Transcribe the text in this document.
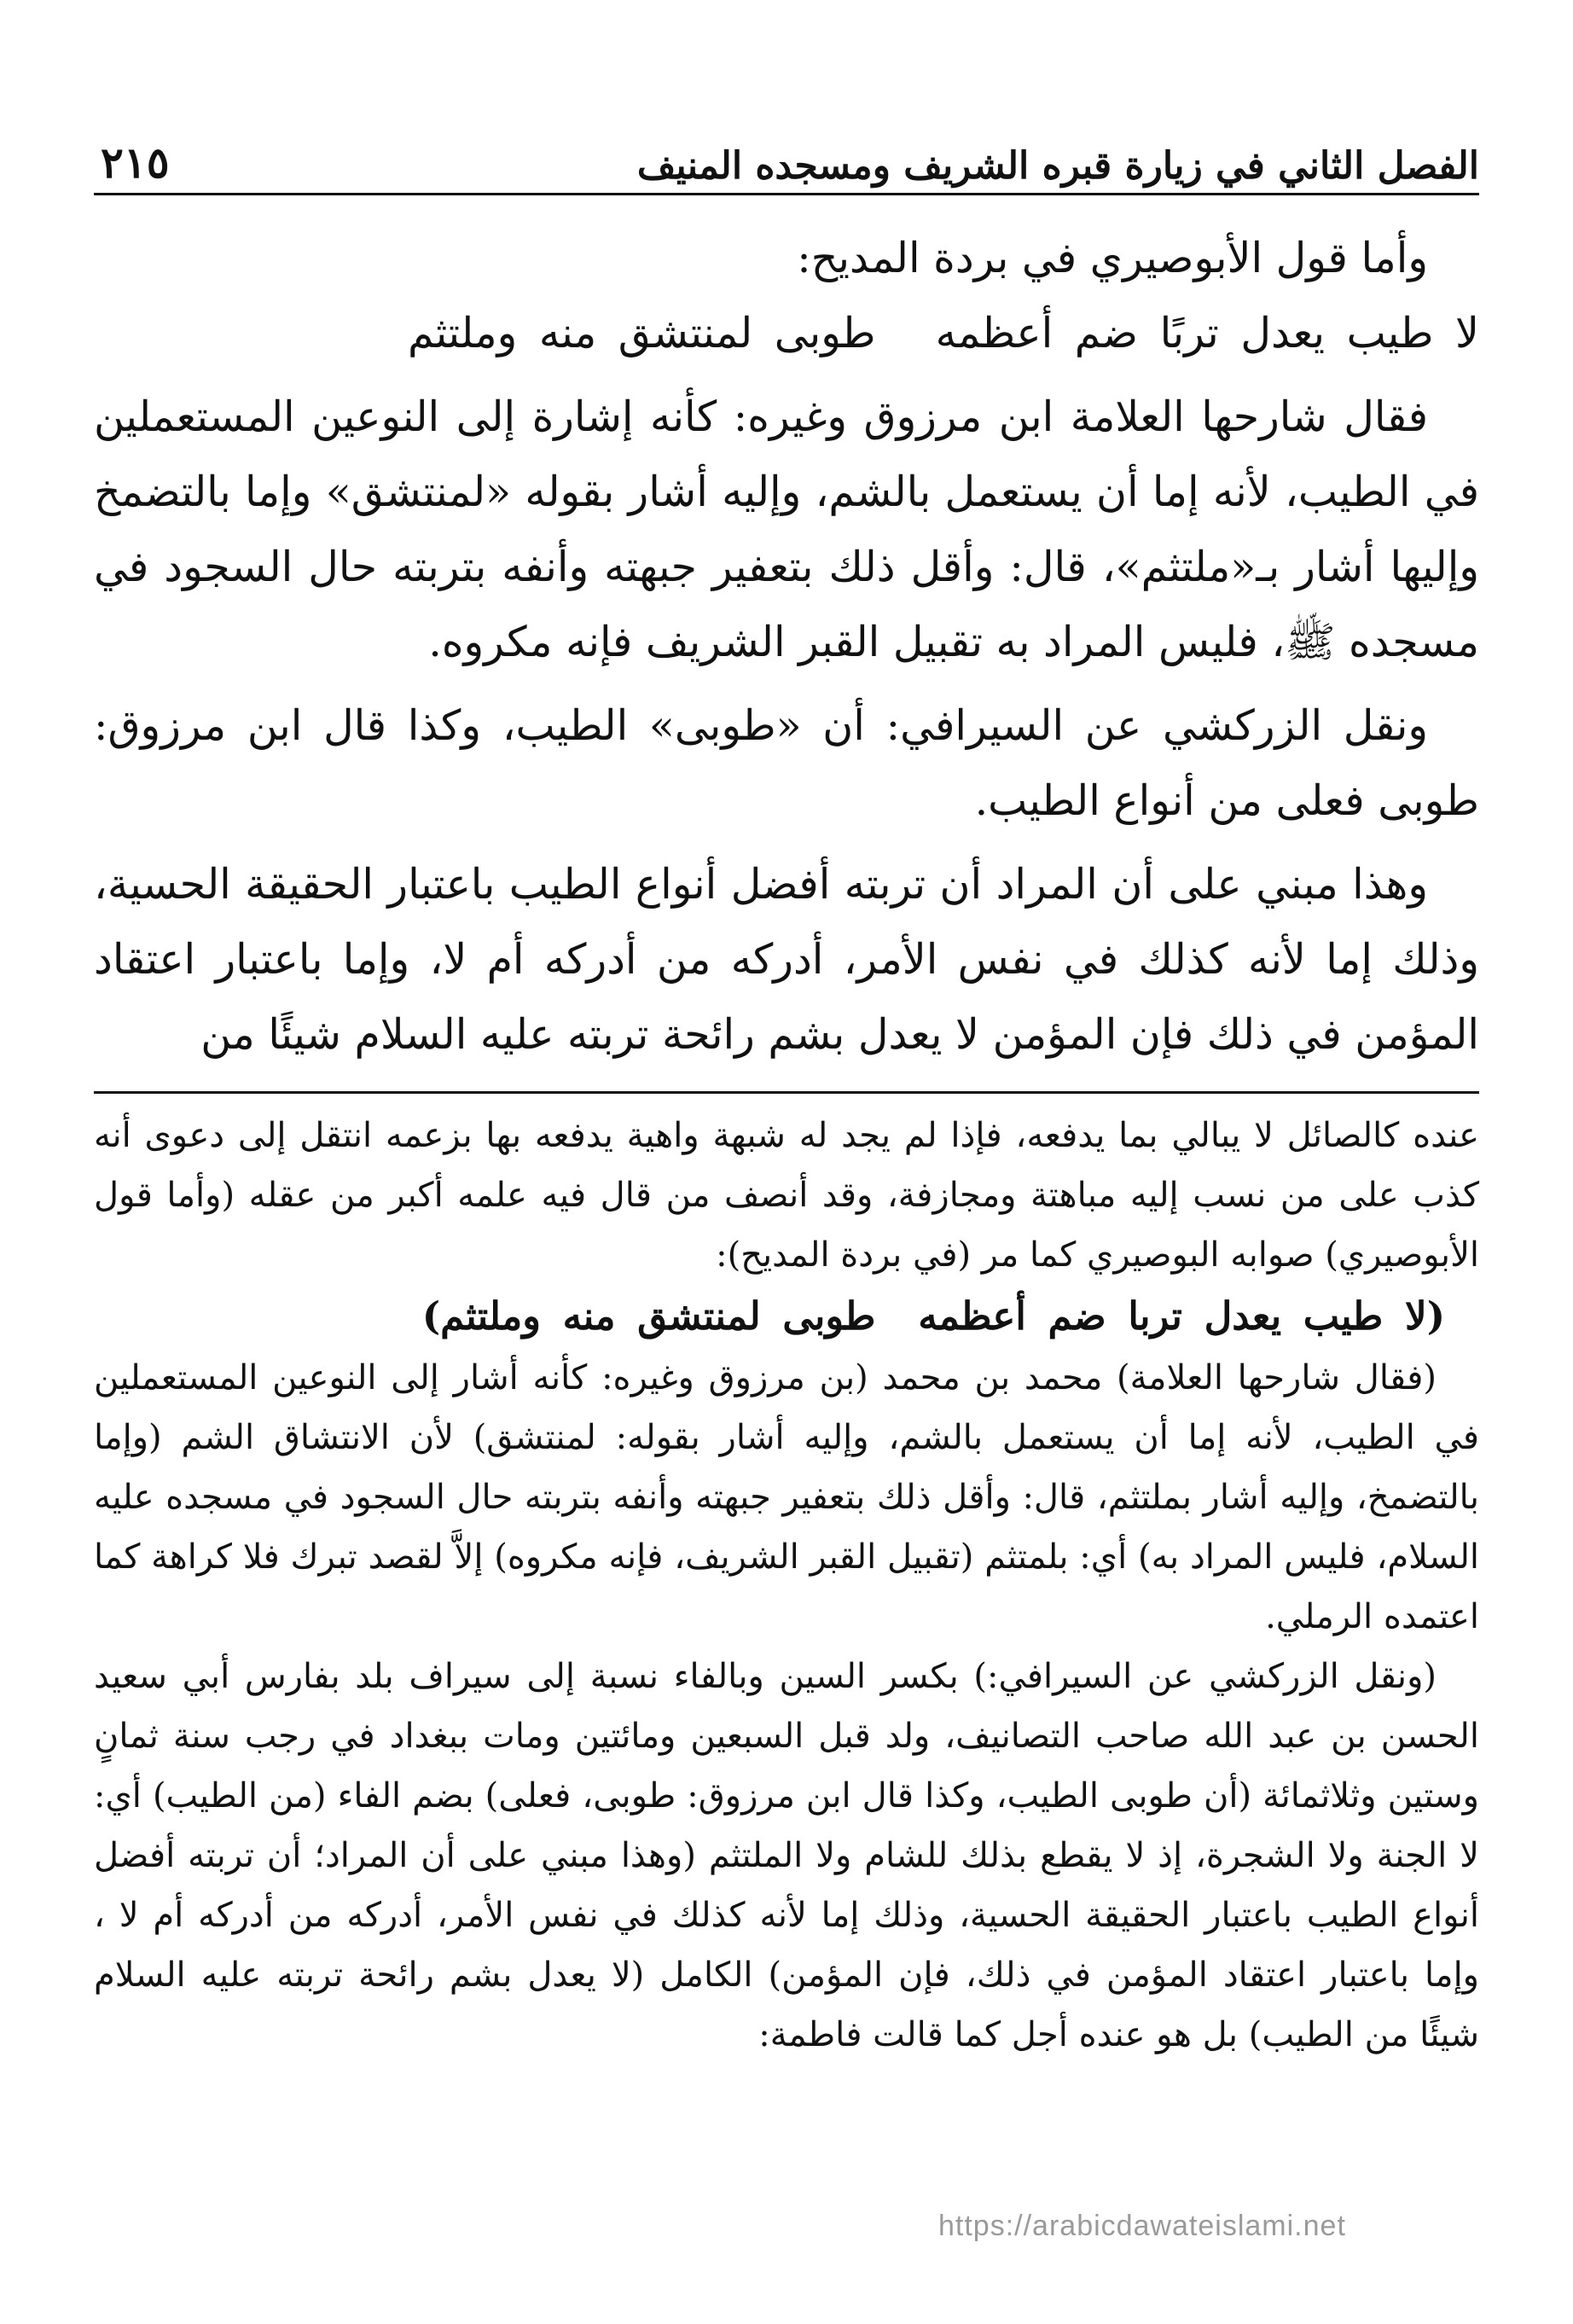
الفصل الثاني في زيارة قبره الشريف ومسجده المنيف
٢١٥

وأما قول الأبوصيري في بردة المديح:

لا طيب يعدل تربًا ضم أعظمه
طوبى لمنتشق منه وملتثم

فقال شارحها العلامة ابن مرزوق وغيره: كأنه إشارة إلى النوعين المستعملين في الطيب، لأنه إما أن يستعمل بالشم، وإليه أشار بقوله «لمنتشق» وإما بالتضمخ وإليها أشار بـ«ملتثم»، قال: وأقل ذلك بتعفير جبهته وأنفه بتربته حال السجود في مسجده ﷺ، فليس المراد به تقبيل القبر الشريف فإنه مكروه.

ونقل الزركشي عن السيرافي: أن «طوبى» الطيب، وكذا قال ابن مرزوق: طوبى فعلى من أنواع الطيب.

وهذا مبني على أن المراد أن تربته أفضل أنواع الطيب باعتبار الحقيقة الحسية، وذلك إما لأنه كذلك في نفس الأمر، أدركه من أدركه أم لا، وإما باعتبار اعتقاد المؤمن في ذلك فإن المؤمن لا يعدل بشم رائحة تربته عليه السلام شيئًا من

عنده كالصائل لا يبالي بما يدفعه، فإذا لم يجد له شبهة واهية يدفعه بها بزعمه انتقل إلى دعوى أنه كذب على من نسب إليه مباهتة ومجازفة، وقد أنصف من قال فيه علمه أكبر من عقله (وأما قول الأبوصيري) صوابه البوصيري كما مر (في بردة المديح):

(لا طيب يعدل تربا ضم أعظمه
طوبى لمنتشق منه وملتثم)

(فقال شارحها العلامة) محمد بن محمد (بن مرزوق وغيره: كأنه أشار إلى النوعين المستعملين في الطيب، لأنه إما أن يستعمل بالشم، وإليه أشار بقوله: لمنتشق) لأن الانتشاق الشم (وإما بالتضمخ، وإليه أشار بملتثم، قال: وأقل ذلك بتعفير جبهته وأنفه بتربته حال السجود في مسجده عليه السلام، فليس المراد به) أي: بلمتثم (تقبيل القبر الشريف، فإنه مكروه) إلاَّ لقصد تبرك فلا كراهة كما اعتمده الرملي.

(ونقل الزركشي عن السيرافي:) بكسر السين وبالفاء نسبة إلى سيراف بلد بفارس أبي سعيد الحسن بن عبد الله صاحب التصانيف، ولد قبل السبعين ومائتين ومات ببغداد في رجب سنة ثمانٍ وستين وثلاثمائة (أن طوبى الطيب، وكذا قال ابن مرزوق: طوبى، فعلى) بضم الفاء (من الطيب) أي: لا الجنة ولا الشجرة، إذ لا يقطع بذلك للشام ولا الملتثم (وهذا مبني على أن المراد؛ أن تربته أفضل أنواع الطيب باعتبار الحقيقة الحسية، وذلك إما لأنه كذلك في نفس الأمر، أدركه من أدركه أم لا ، وإما باعتبار اعتقاد المؤمن في ذلك، فإن المؤمن) الكامل (لا يعدل بشم رائحة تربته عليه السلام شيئًا من الطيب) بل هو عنده أجل كما قالت فاطمة:

https://arabicdawateislami.net
